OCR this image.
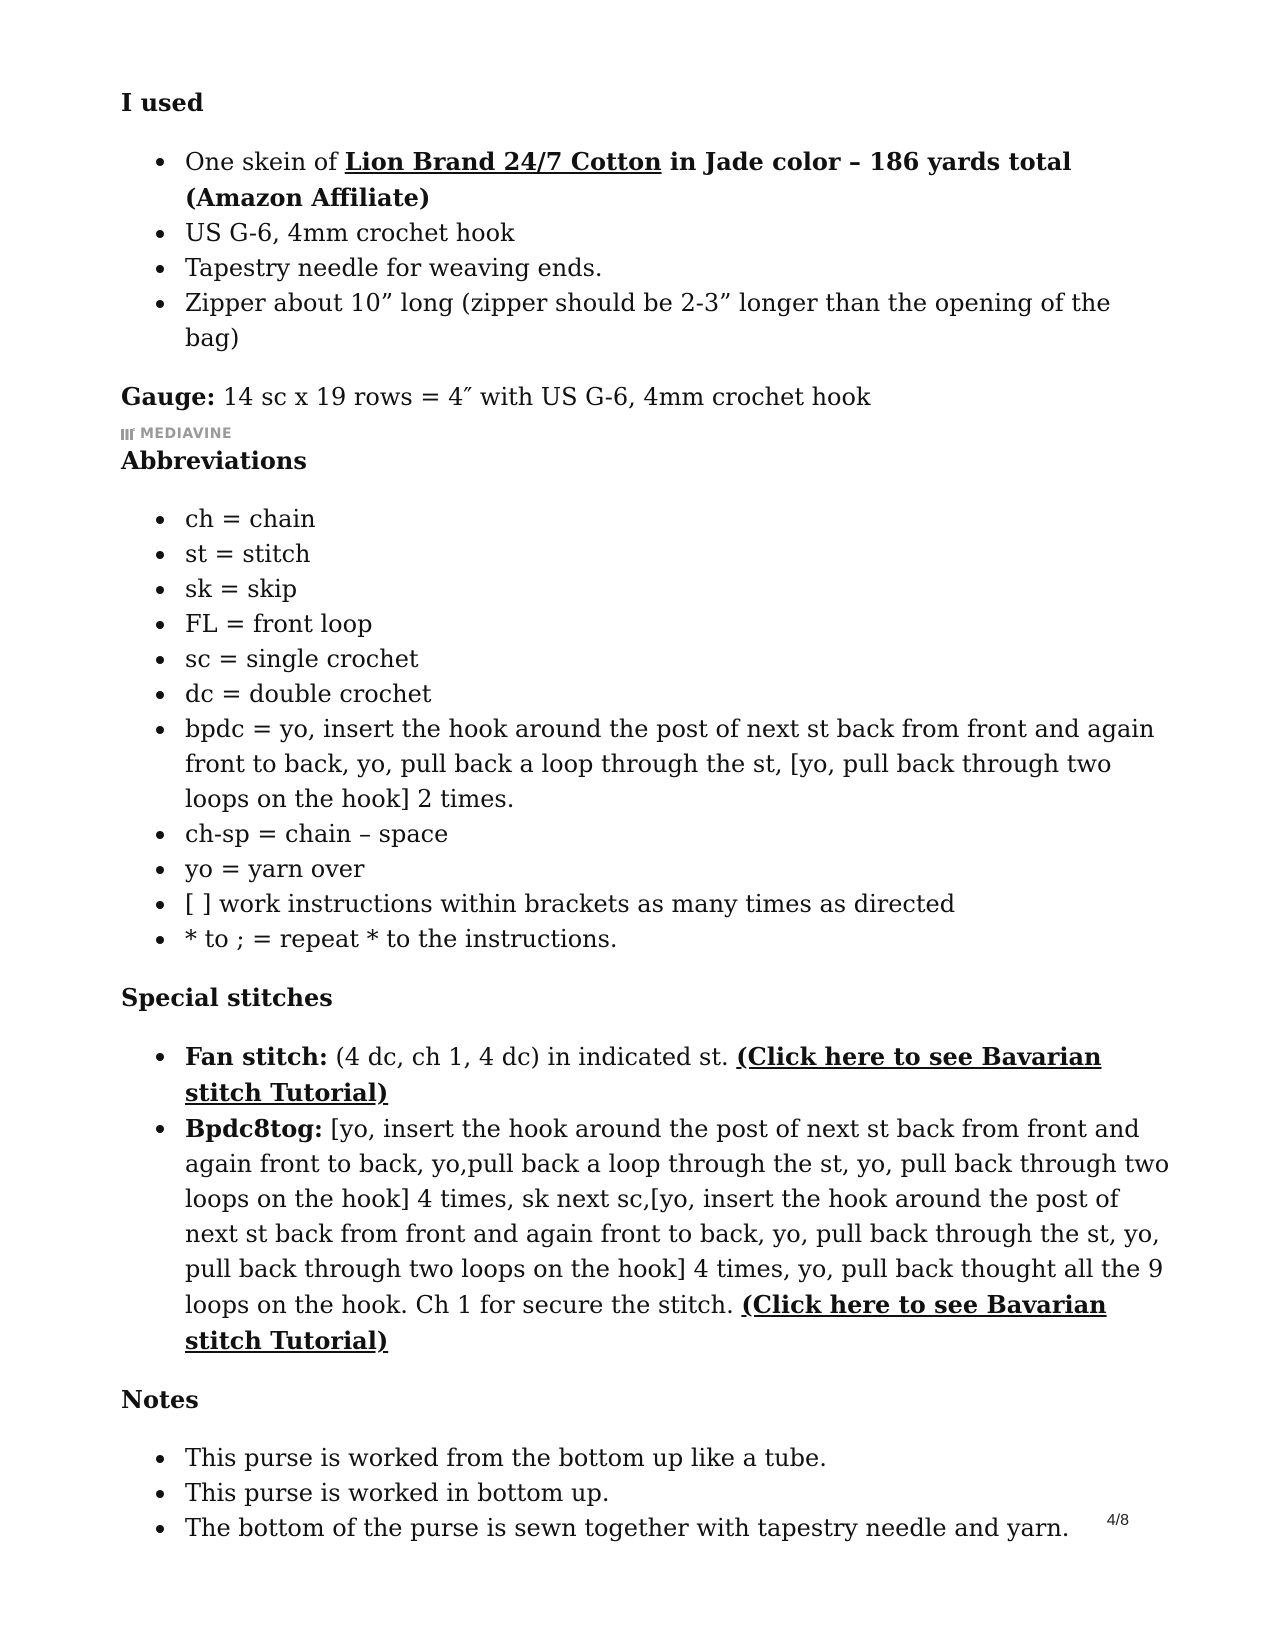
I used
One skein of Lion Brand 24/7 Cotton in Jade color – 186 yards total (Amazon Affiliate)
US G-6, 4mm crochet hook
Tapestry needle for weaving ends.
Zipper about 10” long (zipper should be 2-3” longer than the opening of the bag)

Gauge: 14 sc x 19 rows = 4″ with US G-6, 4mm crochet hook

MEDIAVINE
Abbreviations
ch = chain
st = stitch
sk = skip
FL = front loop
sc = single crochet
dc = double crochet
bpdc = yo, insert the hook around the post of next st back from front and again front to back, yo, pull back a loop through the st, [yo, pull back through two loops on the hook] 2 times.
ch-sp = chain – space
yo = yarn over
[ ] work instructions within brackets as many times as directed
* to ; = repeat * to the instructions.
Special stitches
Fan stitch: (4 dc, ch 1, 4 dc) in indicated st. (Click here to see Bavarian stitch Tutorial)
Bpdc8tog: [yo, insert the hook around the post of next st back from front and again front to back, yo,pull back a loop through the st, yo, pull back through two loops on the hook] 4 times, sk next sc,[yo, insert the hook around the post of next st back from front and again front to back, yo, pull back through the st, yo, pull back through two loops on the hook] 4 times, yo, pull back thought all the 9 loops on the hook. Ch 1 for secure the stitch. (Click here to see Bavarian stitch Tutorial)
Notes
This purse is worked from the bottom up like a tube.
This purse is worked in bottom up.
The bottom of the purse is sewn together with tapestry needle and yarn.	4/8
